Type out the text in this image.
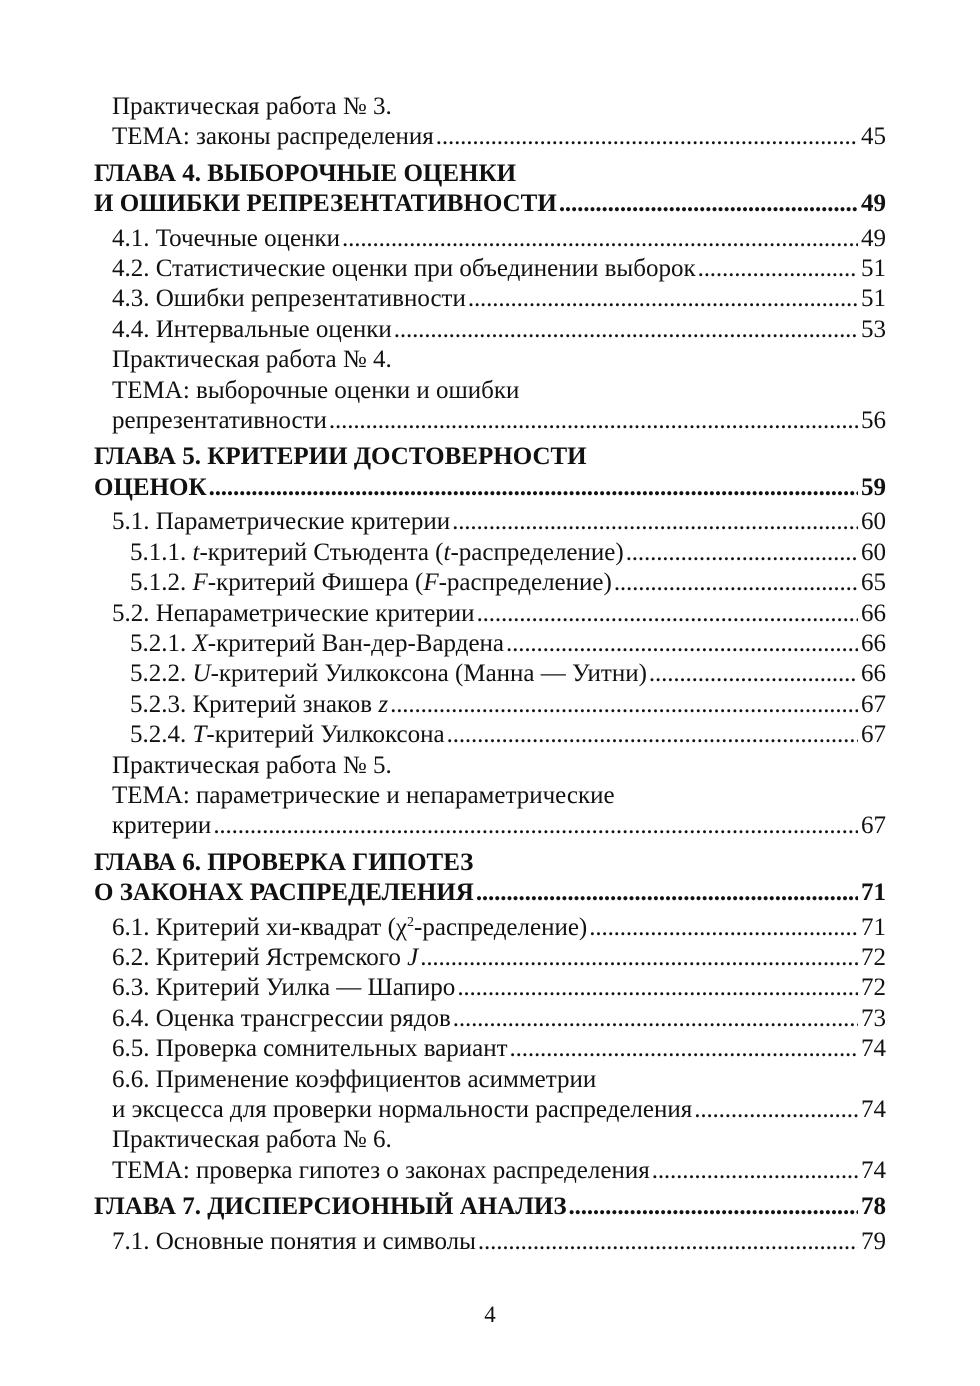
Практическая работа № 3.
ТЕМА: законы распределения . . .	45
ГЛАВА 4. ВЫБОРОЧНЫЕ ОЦЕНКИ
И ОШИБКИ РЕПРЕЗЕНТАТИВНОСТИ . . .	49
4.1. Точечные оценки . . .	49
4.2. Статистические оценки при объединении выборок . . .	51
4.3. Ошибки репрезентативности . . .	51
4.4. Интервальные оценки . . .	53
Практическая работа № 4.
ТЕМА: выборочные оценки и ошибки
репрезентативности . . .	56
ГЛАВА 5. КРИТЕРИИ ДОСТОВЕРНОСТИ
ОЦЕНОК . . .	59
5.1. Параметрические критерии . . .	60
5.1.1. t-критерий Стьюдента (t-распределение) . . .	60
5.1.2. F-критерий Фишера (F-распределение) . . .	65
5.2. Непараметрические критерии . . .	66
5.2.1. X-критерий Ван-дер-Вардена . . .	66
5.2.2. U-критерий Уилкоксона (Манна — Уитни) . . .	66
5.2.3. Критерий знаков z . . .	67
5.2.4. T-критерий Уилкоксона . . .	67
Практическая работа № 5.
ТЕМА: параметрические и непараметрические
критерии . . .	67
ГЛАВА 6. ПРОВЕРКА ГИПОТЕЗ
О ЗАКОНАХ РАСПРЕДЕЛЕНИЯ . . .	71
6.1. Критерий хи-квадрат $(\chi^2-распределение)$ . . .	71
6.2. Критерий Ястремского J . . .	72
6.3. Критерий Уилка — Шапиро . . .	72
6.4. Оценка трансгрессии рядов . . .	73
6.5. Проверка сомнительных вариант . . .	74
6.6. Применение коэффициентов асимметрии
и эксцесса для проверки нормальности распределения . . .	74
Практическая работа № 6.
ТЕМА: проверка гипотез о законах распределения . . .	74
ГЛАВА 7. ДИСПЕРСИОННЫЙ АНАЛИЗ . . .	78
7.1. Основные понятия и символы . . .	79
4
